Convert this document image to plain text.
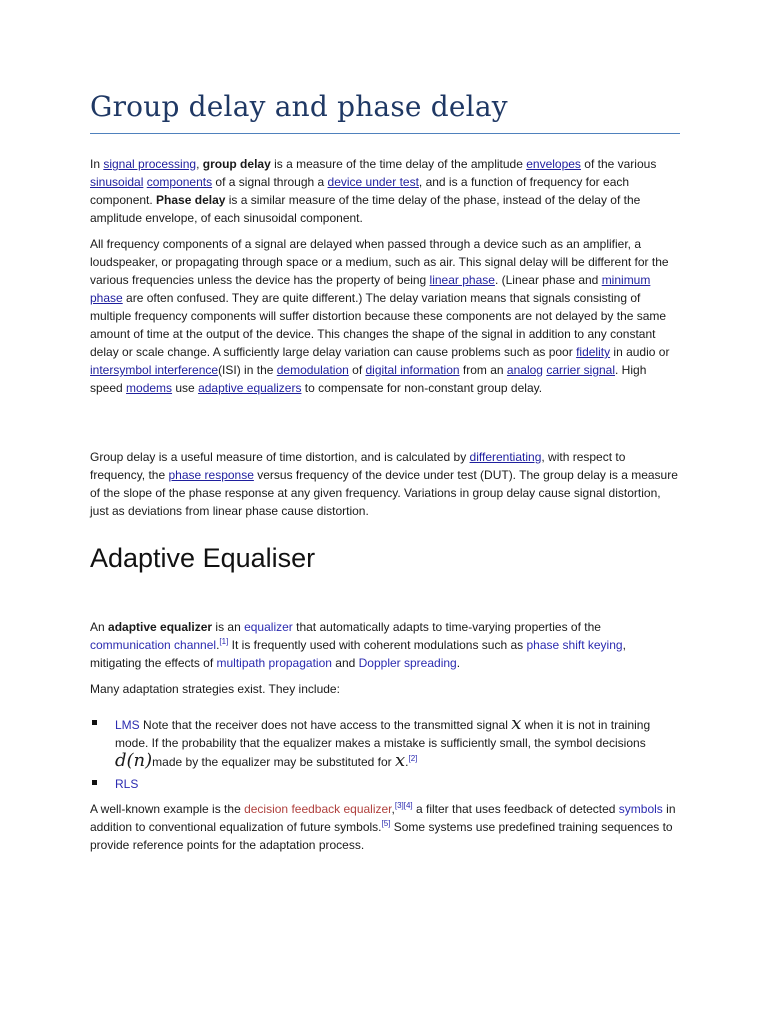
Group delay and phase delay

In signal processing, group delay is a measure of the time delay of the amplitude envelopes of the various sinusoidal components of a signal through a device under test, and is a function of frequency for each component. Phase delay is a similar measure of the time delay of the phase, instead of the delay of the amplitude envelope, of each sinusoidal component.

All frequency components of a signal are delayed when passed through a device such as an amplifier, a loudspeaker, or propagating through space or a medium, such as air. This signal delay will be different for the various frequencies unless the device has the property of being linear phase. (Linear phase and minimum phase are often confused. They are quite different.) The delay variation means that signals consisting of multiple frequency components will suffer distortion because these components are not delayed by the same amount of time at the output of the device. This changes the shape of the signal in addition to any constant delay or scale change. A sufficiently large delay variation can cause problems such as poor fidelity in audio or intersymbol interference(ISI) in the demodulation of digital information from an analog carrier signal. High speed modems use adaptive equalizers to compensate for non-constant group delay.

Group delay is a useful measure of time distortion, and is calculated by differentiating, with respect to frequency, the phase response versus frequency of the device under test (DUT). The group delay is a measure of the slope of the phase response at any given frequency. Variations in group delay cause signal distortion, just as deviations from linear phase cause distortion.

Adaptive Equaliser

An adaptive equalizer is an equalizer that automatically adapts to time-varying properties of the communication channel.[1] It is frequently used with coherent modulations such as phase shift keying, mitigating the effects of multipath propagation and Doppler spreading.

Many adaptation strategies exist. They include:

LMS Note that the receiver does not have access to the transmitted signal x when it is not in training mode. If the probability that the equalizer makes a mistake is sufficiently small, the symbol decisions d(n)made by the equalizer may be substituted for x.[2]

RLS

A well-known example is the decision feedback equalizer,[3][4] a filter that uses feedback of detected symbols in addition to conventional equalization of future symbols.[5] Some systems use predefined training sequences to provide reference points for the adaptation process.
